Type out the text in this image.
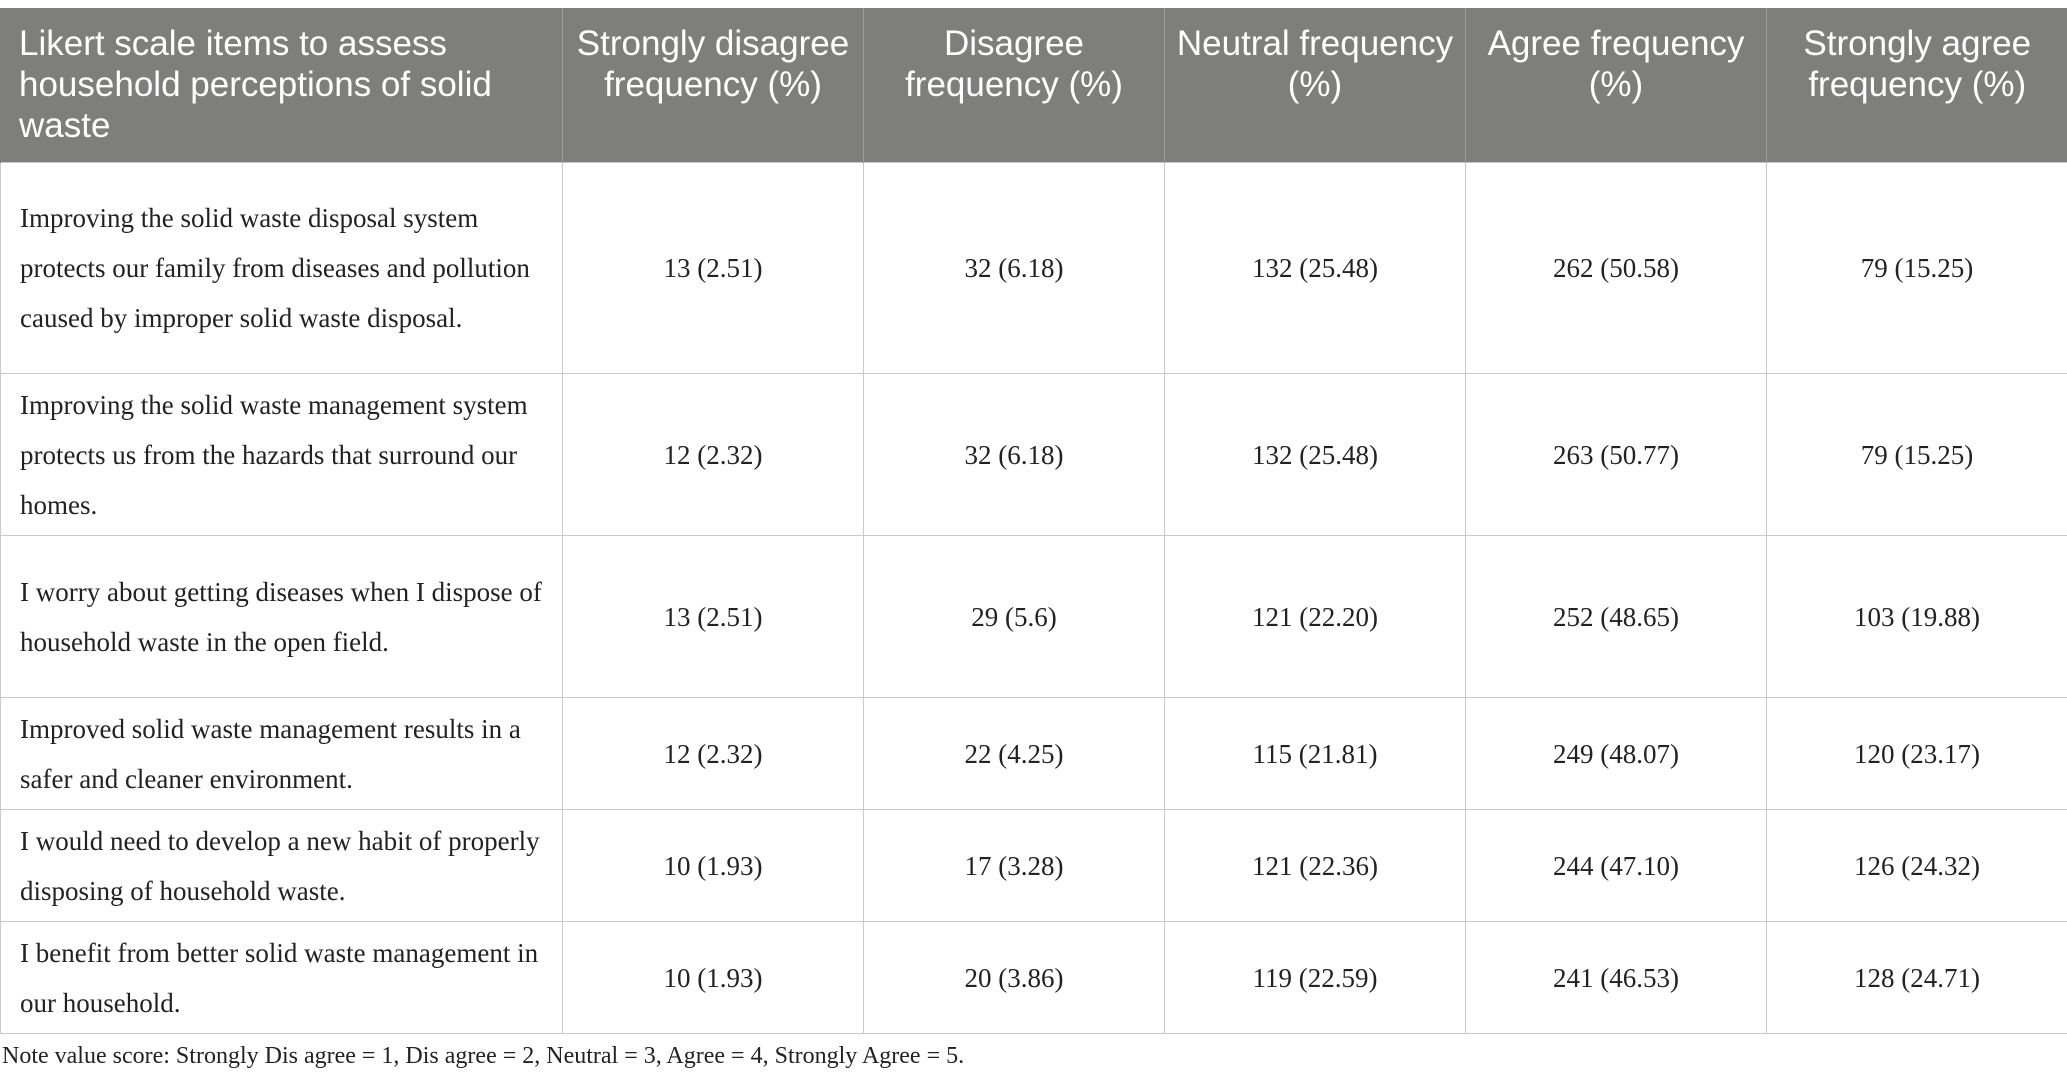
Likert scale items to assess household perceptions of solid waste	Strongly disagree frequency (%)	Disagree frequency (%)	Neutral frequency (%)	Agree frequency (%)	Strongly agree frequency (%)
Improving the solid waste disposal system protects our family from diseases and pollution caused by improper solid waste disposal.	13 (2.51)	32 (6.18)	132 (25.48)	262 (50.58)	79 (15.25)
Improving the solid waste management system protects us from the hazards that surround our homes.	12 (2.32)	32 (6.18)	132 (25.48)	263 (50.77)	79 (15.25)
I worry about getting diseases when I dispose of household waste in the open field.	13 (2.51)	29 (5.6)	121 (22.20)	252 (48.65)	103 (19.88)
Improved solid waste management results in a safer and cleaner environment.	12 (2.32)	22 (4.25)	115 (21.81)	249 (48.07)	120 (23.17)
I would need to develop a new habit of properly disposing of household waste.	10 (1.93)	17 (3.28)	121 (22.36)	244 (47.10)	126 (24.32)
I benefit from better solid waste management in our household.	10 (1.93)	20 (3.86)	119 (22.59)	241 (46.53)	128 (24.71)
Note value score: Strongly Dis agree = 1, Dis agree = 2, Neutral = 3, Agree = 4, Strongly Agree = 5.
